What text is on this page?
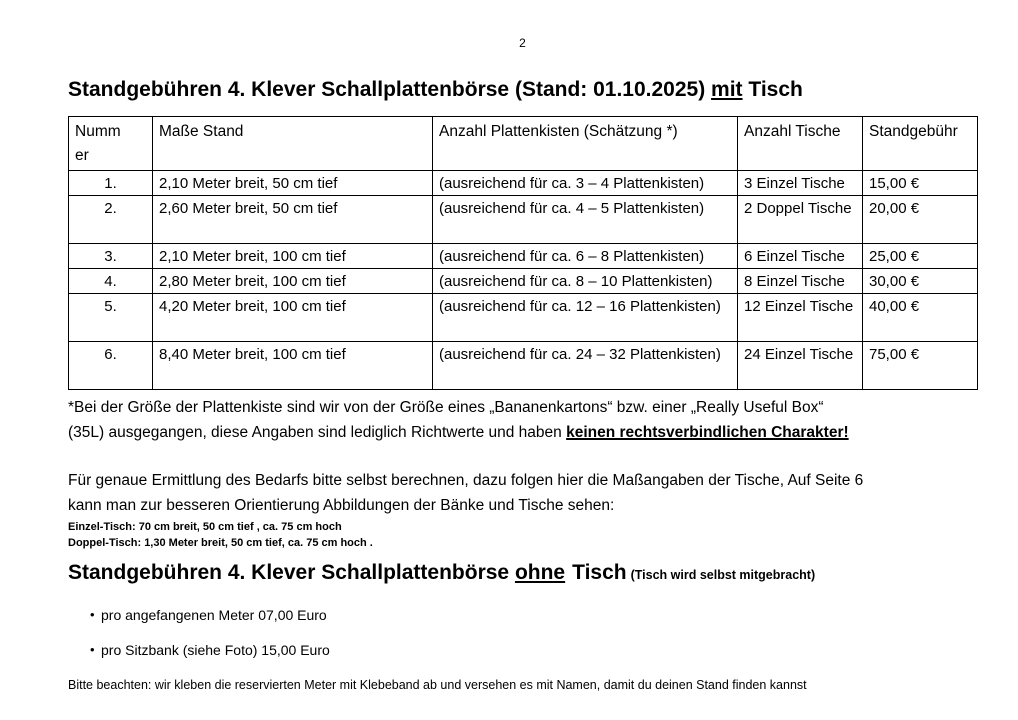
2
Standgebühren 4. Klever Schallplattenbörse (Stand: 01.10.2025) mit Tisch
Nummer	Maße Stand	Anzahl Plattenkisten (Schätzung *)	Anzahl Tische	Standgebühr
1.	2,10 Meter breit, 50 cm tief	(ausreichend für ca. 3 – 4 Plattenkisten)	3 Einzel Tische	15,00 €
2.	2,60 Meter breit, 50 cm tief	(ausreichend für ca. 4 – 5 Plattenkisten)	2 Doppel Tische	20,00 €
3.	2,10 Meter breit, 100 cm tief	(ausreichend für ca. 6 – 8 Plattenkisten)	6 Einzel Tische	25,00 €
4.	2,80 Meter breit, 100 cm tief	(ausreichend für ca. 8 – 10 Plattenkisten)	8 Einzel Tische	30,00 €
5.	4,20 Meter breit, 100 cm tief	(ausreichend für ca. 12 – 16 Plattenkisten)	12 Einzel Tische	40,00 €
6.	8,40 Meter breit, 100 cm tief	(ausreichend für ca. 24 – 32 Plattenkisten)	24 Einzel Tische	75,00 €

*Bei der Größe der Plattenkiste sind wir von der Größe eines „Bananenkartons“ bzw. einer „Really Useful Box“
(35L) ausgegangen, diese Angaben sind lediglich Richtwerte und haben keinen rechtsverbindlichen Charakter!

Für genaue Ermittlung des Bedarfs bitte selbst berechnen, dazu folgen hier die Maßangaben der Tische, Auf Seite 6
kann man zur besseren Orientierung Abbildungen der Bänke und Tische sehen:

Einzel-Tisch: 70 cm breit, 50 cm tief , ca. 75 cm hoch
Doppel-Tisch: 1,30 Meter breit, 50 cm tief, ca. 75 cm hoch .

Standgebühren 4. Klever Schallplattenbörse ohne Tisch (Tisch wird selbst mitgebracht)
• pro angefangenen Meter 07,00 Euro
• pro Sitzbank (siehe Foto) 15,00 Euro

Bitte beachten: wir kleben die reservierten Meter mit Klebeband ab und versehen es mit Namen, damit du deinen Stand finden kannst
